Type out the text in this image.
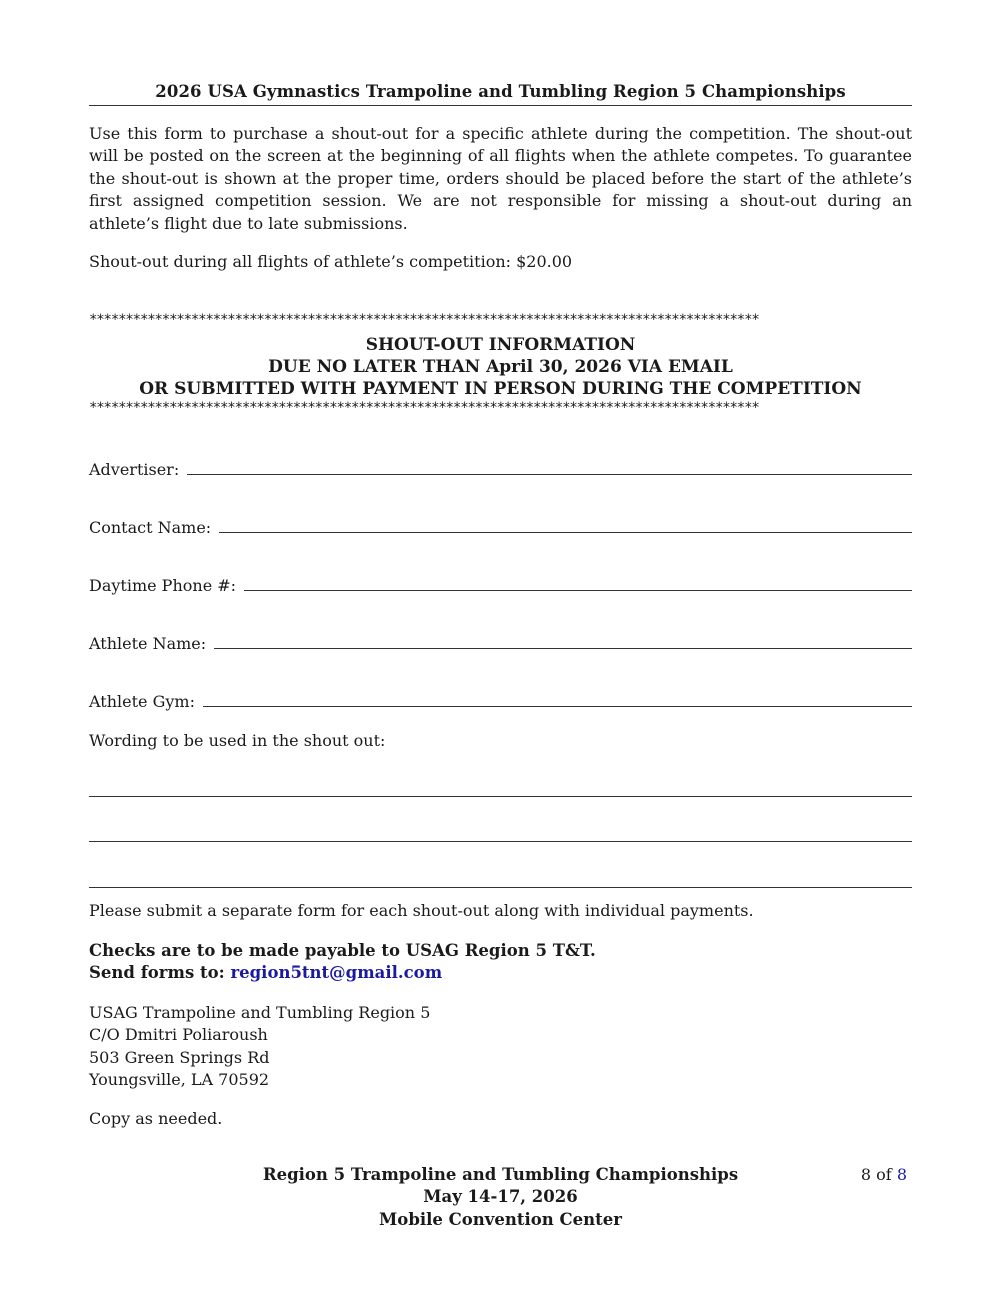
2026 USA Gymnastics Trampoline and Tumbling Region 5 Championships
Use this form to purchase a shout-out for a specific athlete during the competition. The shout-out will be posted on the screen at the beginning of all flights when the athlete competes. To guarantee the shout-out is shown at the proper time, orders should be placed before the start of the athlete’s first assigned competition session. We are not responsible for missing a shout-out during an athlete’s flight due to late submissions.
Shout-out during all flights of athlete’s competition: $20.00
********************************************************************************************
SHOUT-OUT INFORMATION
DUE NO LATER THAN April 30, 2026 VIA EMAIL
OR SUBMITTED WITH PAYMENT IN PERSON DURING THE COMPETITION
********************************************************************************************
Advertiser:
Contact Name:
Daytime Phone #:
Athlete Name:
Athlete Gym:
Wording to be used in the shout out:
Please submit a separate form for each shout-out along with individual payments.
Checks are to be made payable to USAG Region 5 T&T.
Send forms to: region5tnt@gmail.com
USAG Trampoline and Tumbling Region 5
C/O Dmitri Poliaroush
503 Green Springs Rd
Youngsville, LA 70592
Copy as needed.
Region 5 Trampoline and Tumbling Championships
May 14-17, 2026
Mobile Convention Center
8 of 8
